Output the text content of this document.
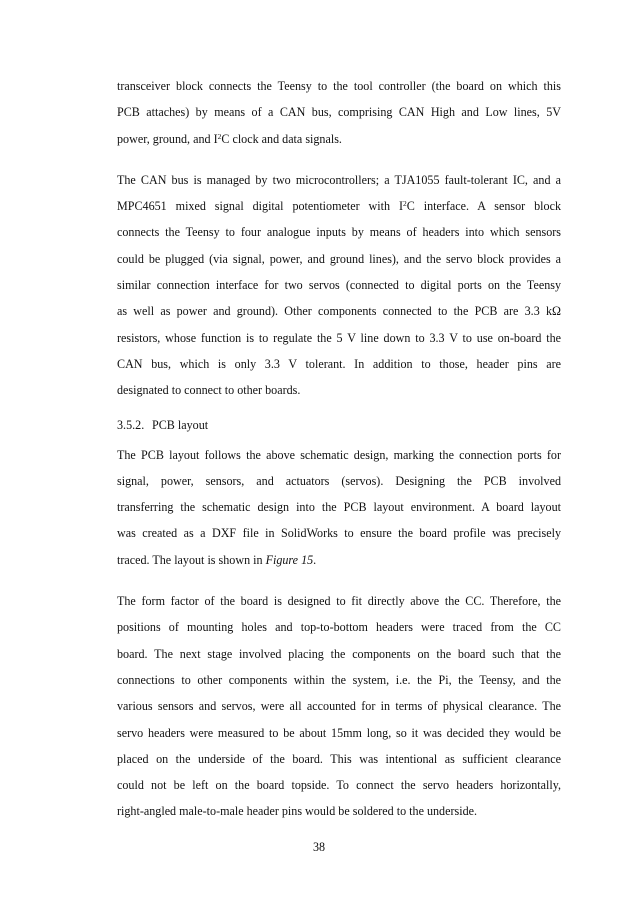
transceiver block connects the Teensy to the tool controller (the board on which this
PCB attaches) by means of a CAN bus, comprising CAN High and Low lines, 5V
power, ground, and $I^2C$ clock and data signals.
The CAN bus is managed by two microcontrollers; a TJA1055 fault-tolerant IC, and a
MPC4651 mixed signal digital potentiometer with $I^2C$ interface. A sensor block
connects the Teensy to four analogue inputs by means of headers into which sensors
could be plugged (via signal, power, and ground lines), and the servo block provides a
similar connection interface for two servos (connected to digital ports on the Teensy
as well as power and ground). Other components connected to the PCB are 3.3 kΩ
resistors, whose function is to regulate the 5 V line down to 3.3 V to use on-board the
CAN bus, which is only 3.3 V tolerant. In addition to those, header pins are
designated to connect to other boards.
3.5.2. PCB layout
The PCB layout follows the above schematic design, marking the connection ports for
signal, power, sensors, and actuators (servos). Designing the PCB involved
transferring the schematic design into the PCB layout environment. A board layout
was created as a DXF file in SolidWorks to ensure the board profile was precisely
traced. The layout is shown in Figure 15.
The form factor of the board is designed to fit directly above the CC. Therefore, the
positions of mounting holes and top-to-bottom headers were traced from the CC
board. The next stage involved placing the components on the board such that the
connections to other components within the system, i.e. the Pi, the Teensy, and the
various sensors and servos, were all accounted for in terms of physical clearance. The
servo headers were measured to be about 15mm long, so it was decided they would be
placed on the underside of the board. This was intentional as sufficient clearance
could not be left on the board topside. To connect the servo headers horizontally,
right-angled male-to-male header pins would be soldered to the underside.
38
